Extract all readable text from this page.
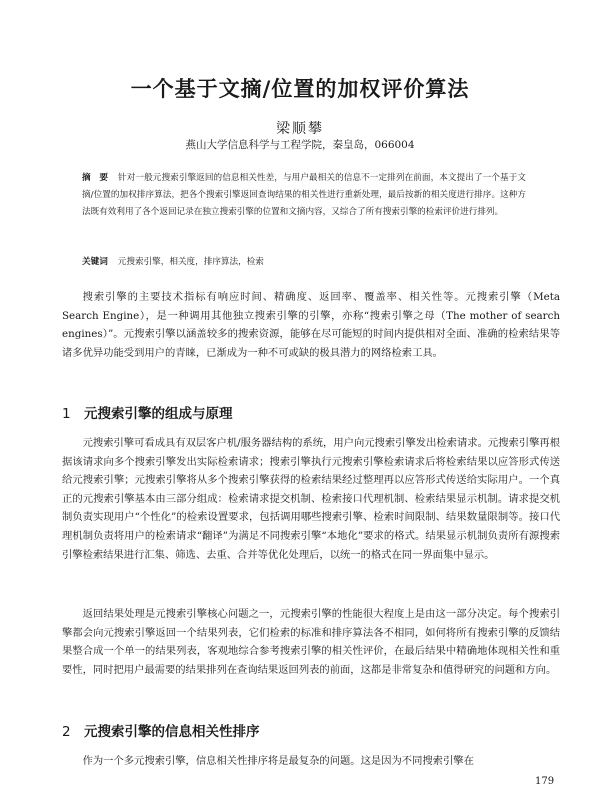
一个基于文摘/位置的加权评价算法
梁顺攀
燕山大学信息科学与工程学院，秦皇岛，066004
摘　要 针对一般元搜索引擎返回的信息相关性差，与用户最相关的信息不一定排列在前面，本文提出了一个基于文摘/位置的加权排序算法，把各个搜索引擎返回查询结果的相关性进行重新处理，最后按新的相关度进行排序。这种方法既有效利用了各个返回记录在独立搜索引擎的位置和文摘内容，又综合了所有搜索引擎的检索评价进行排列。
关键词 元搜索引擎，相关度，排序算法，检索

搜索引擎的主要技术指标有响应时间、精确度、返回率、覆盖率、相关性等。元搜索引擎（Meta Search Engine），是一种调用其他独立搜索引擎的引擎，亦称“搜索引擎之母（The mother of search engines）”。元搜索引擎以涵盖较多的搜索资源，能够在尽可能短的时间内提供相对全面、准确的检索结果等诸多优异功能受到用户的青睐，已渐成为一种不可或缺的极具潜力的网络检索工具。

1 元搜索引擎的组成与原理

元搜索引擎可看成具有双层客户机/服务器结构的系统，用户向元搜索引擎发出检索请求。元搜索引擎再根据该请求向多个搜索引擎发出实际检索请求；搜索引擎执行元搜索引擎检索请求后将检索结果以应答形式传送给元搜索引擎；元搜索引擎将从多个搜索引擎获得的检索结果经过整理再以应答形式传送给实际用户。一个真正的元搜索引擎基本由三部分组成：检索请求提交机制、检索接口代理机制、检索结果显示机制。请求提交机制负责实现用户“个性化”的检索设置要求，包括调用哪些搜索引擎、检索时间限制、结果数量限制等。接口代理机制负责将用户的检索请求“翻译”为满足不同搜索引擎“本地化”要求的格式。结果显示机制负责所有源搜索引擎检索结果进行汇集、筛选、去重、合并等优化处理后，以统一的格式在同一界面集中显示。

返回结果处理是元搜索引擎核心问题之一，元搜索引擎的性能很大程度上是由这一部分决定。每个搜索引擎都会向元搜索引擎返回一个结果列表，它们检索的标准和排序算法各不相同，如何将所有搜索引擎的反馈结果整合成一个单一的结果列表，客观地综合参考搜索引擎的相关性评价，在最后结果中精确地体现相关性和重要性，同时把用户最需要的结果排列在查询结果返回列表的前面，这都是非常复杂和值得研究的问题和方向。

2 元搜索引擎的信息相关性排序

作为一个多元搜索引擎，信息相关性排序将是最复杂的问题。这是因为不同搜索引擎在

179
